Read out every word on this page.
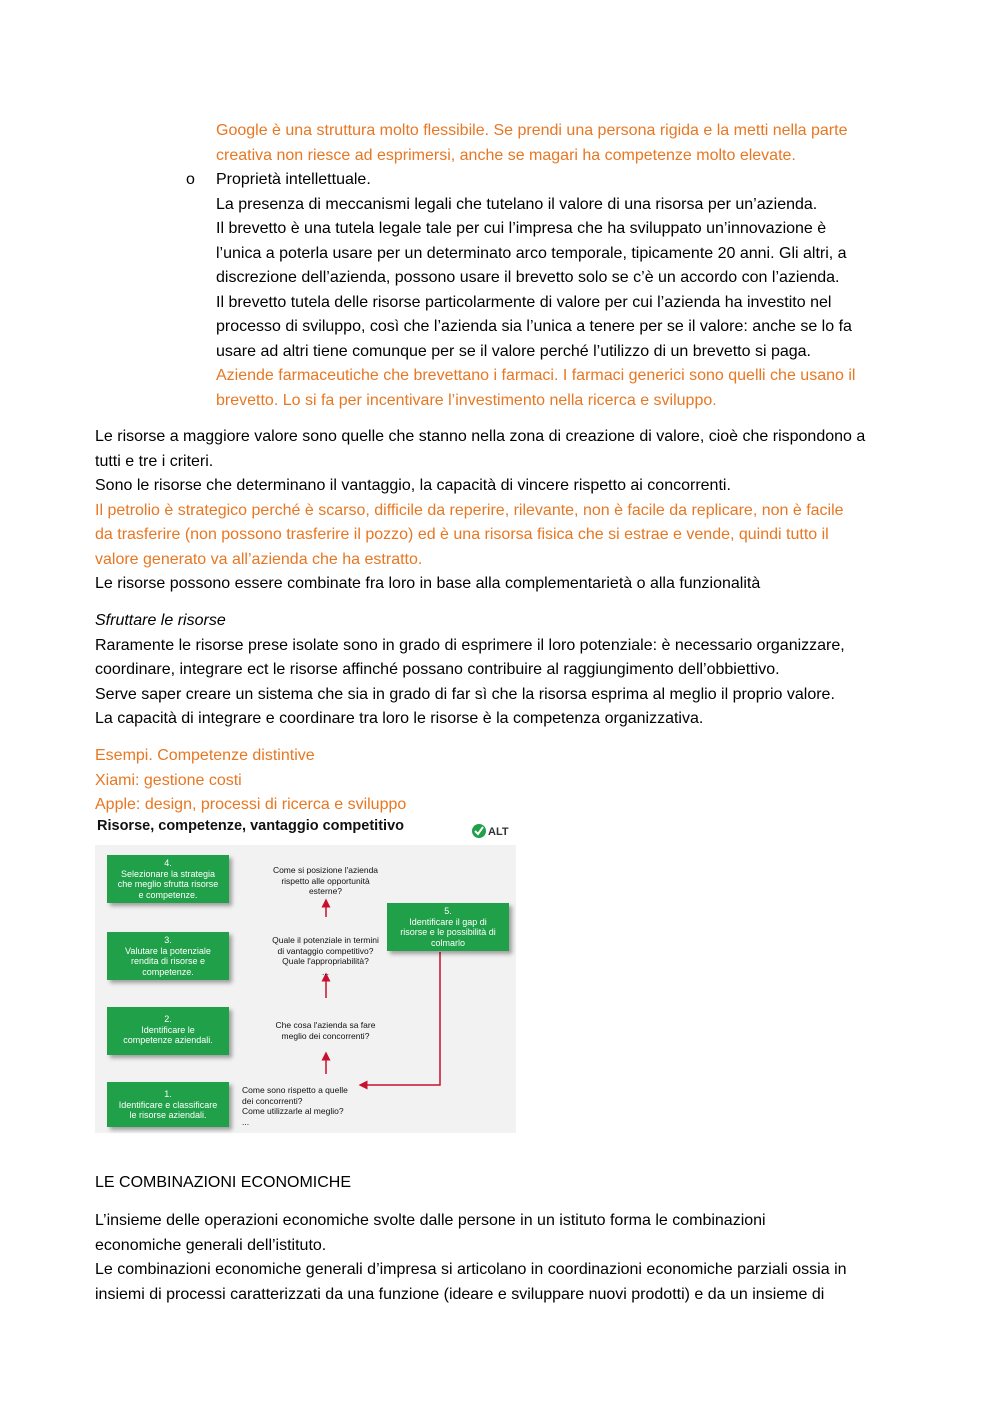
Google è una struttura molto flessibile. Se prendi una persona rigida e la metti nella parte
creativa non riesce ad esprimersi, anche se magari ha competenze molto elevate.
o Proprietà intellettuale.
La presenza di meccanismi legali che tutelano il valore di una risorsa per un’azienda.
Il brevetto è una tutela legale tale per cui l’impresa che ha sviluppato un’innovazione è
l’unica a poterla usare per un determinato arco temporale, tipicamente 20 anni. Gli altri, a
discrezione dell’azienda, possono usare il brevetto solo se c’è un accordo con l’azienda.
Il brevetto tutela delle risorse particolarmente di valore per cui l’azienda ha investito nel
processo di sviluppo, così che l’azienda sia l’unica a tenere per se il valore: anche se lo fa
usare ad altri tiene comunque per se il valore perché l’utilizzo di un brevetto si paga.
Aziende farmaceutiche che brevettano i farmaci. I farmaci generici sono quelli che usano il
brevetto. Lo si fa per incentivare l’investimento nella ricerca e sviluppo.
Le risorse a maggiore valore sono quelle che stanno nella zona di creazione di valore, cioè che rispondono a
tutti e tre i criteri.
Sono le risorse che determinano il vantaggio, la capacità di vincere rispetto ai concorrenti.
Il petrolio è strategico perché è scarso, difficile da reperire, rilevante, non è facile da replicare, non è facile
da trasferire (non possono trasferire il pozzo) ed è una risorsa fisica che si estrae e vende, quindi tutto il
valore generato va all’azienda che ha estratto.
Le risorse possono essere combinate fra loro in base alla complementarietà o alla funzionalità
Sfruttare le risorse
Raramente le risorse prese isolate sono in grado di esprimere il loro potenziale: è necessario organizzare,
coordinare, integrare ect le risorse affinché possano contribuire al raggiungimento dell’obbiettivo.
Serve saper creare un sistema che sia in grado di far sì che la risorsa esprima al meglio il proprio valore.
La capacità di integrare e coordinare tra loro le risorse è la competenza organizzativa.
Esempi. Competenze distintive
Xiami: gestione costi
Apple: design, processi di ricerca e sviluppo
Risorse, competenze, vantaggio competitivo	ALT
4.
Selezionare la strategia
che meglio sfrutta risorse
e competenze.
3.
Valutare la potenziale
rendita di risorse e
competenze.
2.
Identificare le
competenze aziendali.
1.
Identificare e classificare
le risorse aziendali.
5.
Identificare il gap di
risorse e le possibilità di
colmarlo
Come si posizione l'azienda
rispetto alle opportunità
esterne?
Quale il potenziale in termini
di vantaggio competitivo?
Quale l'appropriabilità?
...
Che cosa l'azienda sa fare
meglio dei concorrenti?
Come sono rispetto a quelle
dei concorrenti?
Come utilizzarle al meglio?
...
LE COMBINAZIONI ECONOMICHE
L’insieme delle operazioni economiche svolte dalle persone in un istituto forma le combinazioni
economiche generali dell’istituto.
Le combinazioni economiche generali d’impresa si articolano in coordinazioni economiche parziali ossia in
insiemi di processi caratterizzati da una funzione (ideare e sviluppare nuovi prodotti) e da un insieme di
